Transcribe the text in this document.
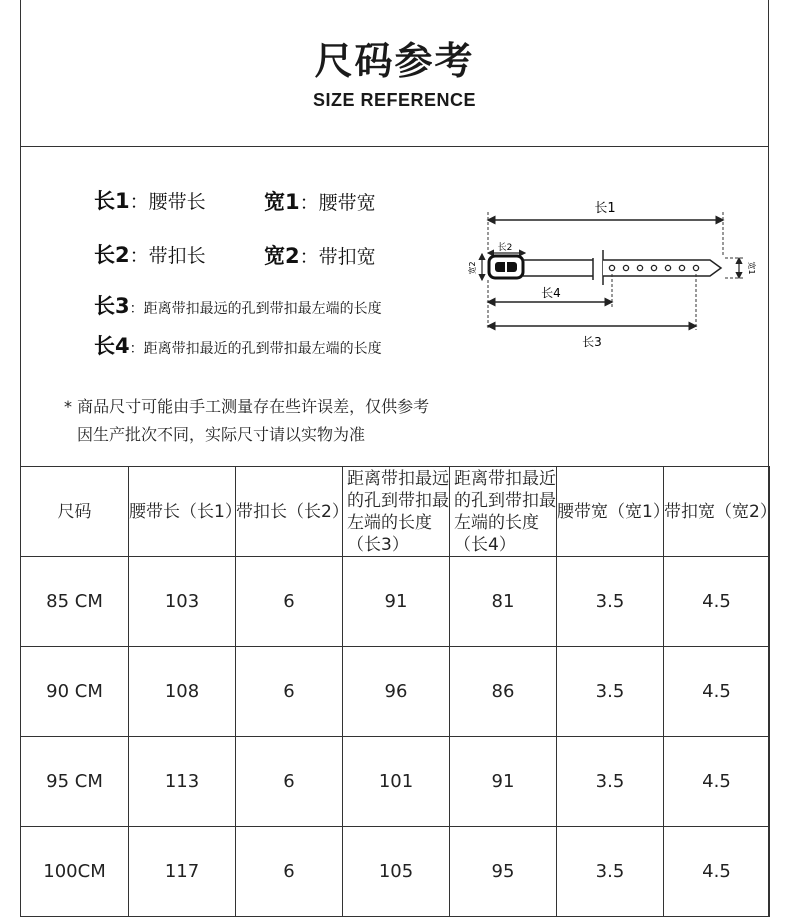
尺码参考
SIZE REFERENCE
长1：腰带长	宽1：腰带宽
长2：带扣长	宽2：带扣宽
长3：距离带扣最远的孔到带扣最左端的长度
长4：距离带扣最近的孔到带扣最左端的长度
长1
长2
宽2	宽1
长4
长3
* 商品尺寸可能由手工测量存在些许误差，仅供参考
因生产批次不同，实际尺寸请以实物为准
尺码	腰带长（长1）	带扣长（长2）	距离带扣最远的孔到带扣最左端的长度（长3）	距离带扣最近的孔到带扣最左端的长度（长4）	腰带宽（宽1）	带扣宽（宽2）
85 CM	103	6	91	81	3.5	4.5
90 CM	108	6	96	86	3.5	4.5
95 CM	113	6	101	91	3.5	4.5
100CM	117	6	105	95	3.5	4.5
